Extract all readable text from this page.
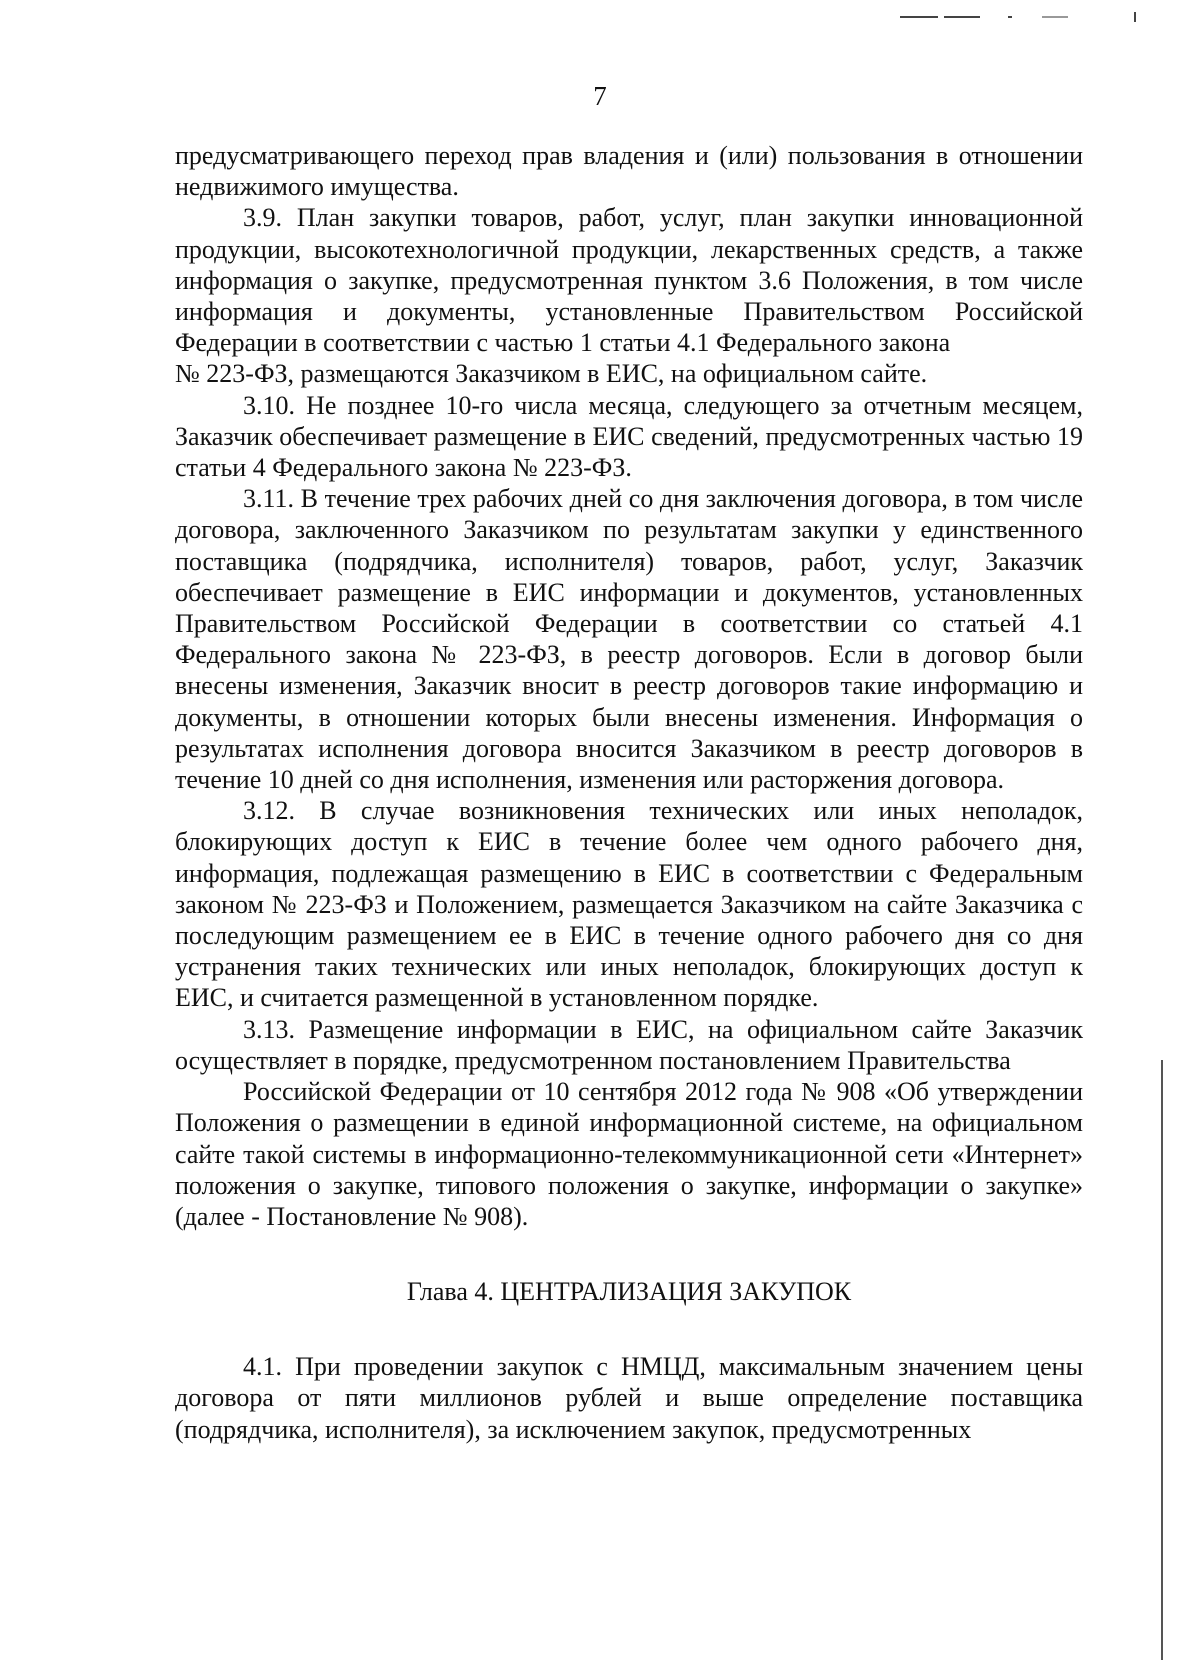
7

предусматривающего переход прав владения и (или) пользования в отношении недвижимого имущества.

3.9. План закупки товаров, работ, услуг, план закупки инновационной продукции, высокотехнологичной продукции, лекарственных средств, а также информация о закупке, предусмотренная пунктом 3.6 Положения, в том числе информация и документы, установленные Правительством Российской Федерации в соответствии с частью 1 статьи 4.1 Федерального закона

№ 223-ФЗ, размещаются Заказчиком в ЕИС, на официальном сайте.

3.10. Не позднее 10-го числа месяца, следующего за отчетным месяцем, Заказчик обеспечивает размещение в ЕИС сведений, предусмотренных частью 19 статьи 4 Федерального закона № 223-ФЗ.

3.11. В течение трех рабочих дней со дня заключения договора, в том числе договора, заключенного Заказчиком по результатам закупки у единственного поставщика (подрядчика, исполнителя) товаров, работ, услуг, Заказчик обеспечивает размещение в ЕИС информации и документов, установленных Правительством Российской Федерации в соответствии со статьей 4.1 Федерального закона № 223-ФЗ, в реестр договоров. Если в договор были внесены изменения, Заказчик вносит в реестр договоров такие информацию и документы, в отношении которых были внесены изменения. Информация о результатах исполнения договора вносится Заказчиком в реестр договоров в течение 10 дней со дня исполнения, изменения или расторжения договора.

3.12. В случае возникновения технических или иных неполадок, блокирующих доступ к ЕИС в течение более чем одного рабочего дня, информация, подлежащая размещению в ЕИС в соответствии с Федеральным законом № 223-ФЗ и Положением, размещается Заказчиком на сайте Заказчика с последующим размещением ее в ЕИС в течение одного рабочего дня со дня устранения таких технических или иных неполадок, блокирующих доступ к ЕИС, и считается размещенной в установленном порядке.

3.13. Размещение информации в ЕИС, на официальном сайте Заказчик осуществляет в порядке, предусмотренном постановлением Правительства

Российской Федерации от 10 сентября 2012 года № 908 «Об утверждении Положения о размещении в единой информационной системе, на официальном сайте такой системы в информационно-телекоммуникационной сети «Интернет» положения о закупке, типового положения о закупке, информации о закупке» (далее - Постановление № 908).

Глава 4. ЦЕНТРАЛИЗАЦИЯ ЗАКУПОК

4.1. При проведении закупок с НМЦД, максимальным значением цены договора от пяти миллионов рублей и выше определение поставщика (подрядчика, исполнителя), за исключением закупок, предусмотренных
